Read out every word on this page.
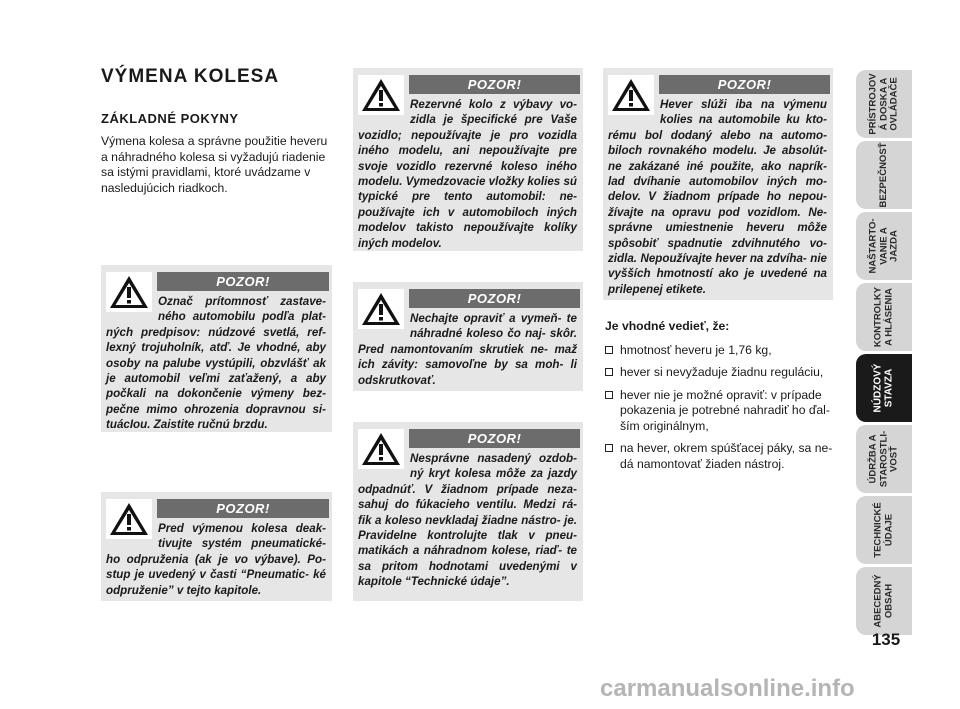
VÝMENA KOLESA
ZÁKLADNÉ POKYNY

Výmena kolesa a správne použitie heveru a náhradného kolesa si vyžadujú riadenie sa istými pravidlami, ktoré uvádzame v nasledujúcich riadkoch.

POZOR!

Označ prítomnosť zastave- ného automobilu podľa plat- ných predpisov: núdzové svetlá, ref- lexný trojuholník, atď. Je vhodné, aby osoby na palube vystúpili, obzvlášť ak je automobil veľmi zaťažený, a aby počkali na dokončenie výmeny bez- pečne mimo ohrozenia dopravnou si- tuácIou. Zaistite ručnú brzdu.

POZOR!

Pred výmenou kolesa deak- tivujte systém pneumatické- ho odpruženia (ak je vo výbave). Po- stup je uvedený v časti “Pneumatic- ké odpruženie” v tejto kapitole.

POZOR!

Rezervné kolo z výbavy vo- zidla je špecifické pre Vaše vozidlo; nepoužívajte je pro vozidla iného modelu, ani nepoužívajte pre svoje vozidlo rezervné koleso iného modelu. Vymedzovacie vložky kolies sú typické pre tento automobil: ne- používajte ich v automobiloch iných modelov takisto nepoužívajte kolíky iných modelov.

POZOR!

Nechajte opraviť a vymeň- te náhradné koleso čo naj- skôr. Pred namontovaním skrutiek ne- maž ich závity: samovoľne by sa moh- li odskrutkovať.

POZOR!

Nesprávne nasadený ozdob- ný kryt kolesa môže za jazdy odpadnúť. V žiadnom prípade neza- sahuj do fúkacieho ventilu. Medzi rá- fik a koleso nevkladaj žiadne nástro- je. Pravidelne kontrolujte tlak v pneu- matikách a náhradnom kolese, riaď- te sa pritom hodnotami uvedenými v kapitole “Technické údaje”.

POZOR!

Hever slúži iba na výmenu kolies na automobile ku kto- rému bol dodaný alebo na automo- biloch rovnakého modelu. Je absolút- ne zakázané iné použite, ako naprík- lad dvíhanie automobilov iných mo- delov. V žiadnom prípade ho nepou- žívajte na opravu pod vozidlom. Ne- správne umiestnenie heveru môže spôsobiť spadnutie zdvihnutého vo- zidla. Nepoužívajte hever na zdvíha- nie vyšších hmotností ako je uvedené na prilepenej etikete.

Je vhodné vedieť, že:

hmotnosť heveru je 1,76 kg,
hever si nevyžaduje žiadnu reguláciu,
hever nie je možné opraviť: v prípade pokazenia je potrebné nahradiť ho ďal- ším originálnym,
na hever, okrem spúšťacej páky, sa ne- dá namontovať žiaden nástroj.
PRÍSTROJOV
Á DOSKA A
OVLÁDAČE
BEZPEČNOSŤ
NAŠTARTO-
VANIE A
JAZDA
KONTROLKY
A HLÁSENIA
NÚDZOVÝ
STAVZA
ÚDRŽBA A
STAROSTLI-
VOSŤ
TECHNICKÉ
ÚDAJE
ABECEDNÝ
OBSAH
135
carmanualsonline.info
